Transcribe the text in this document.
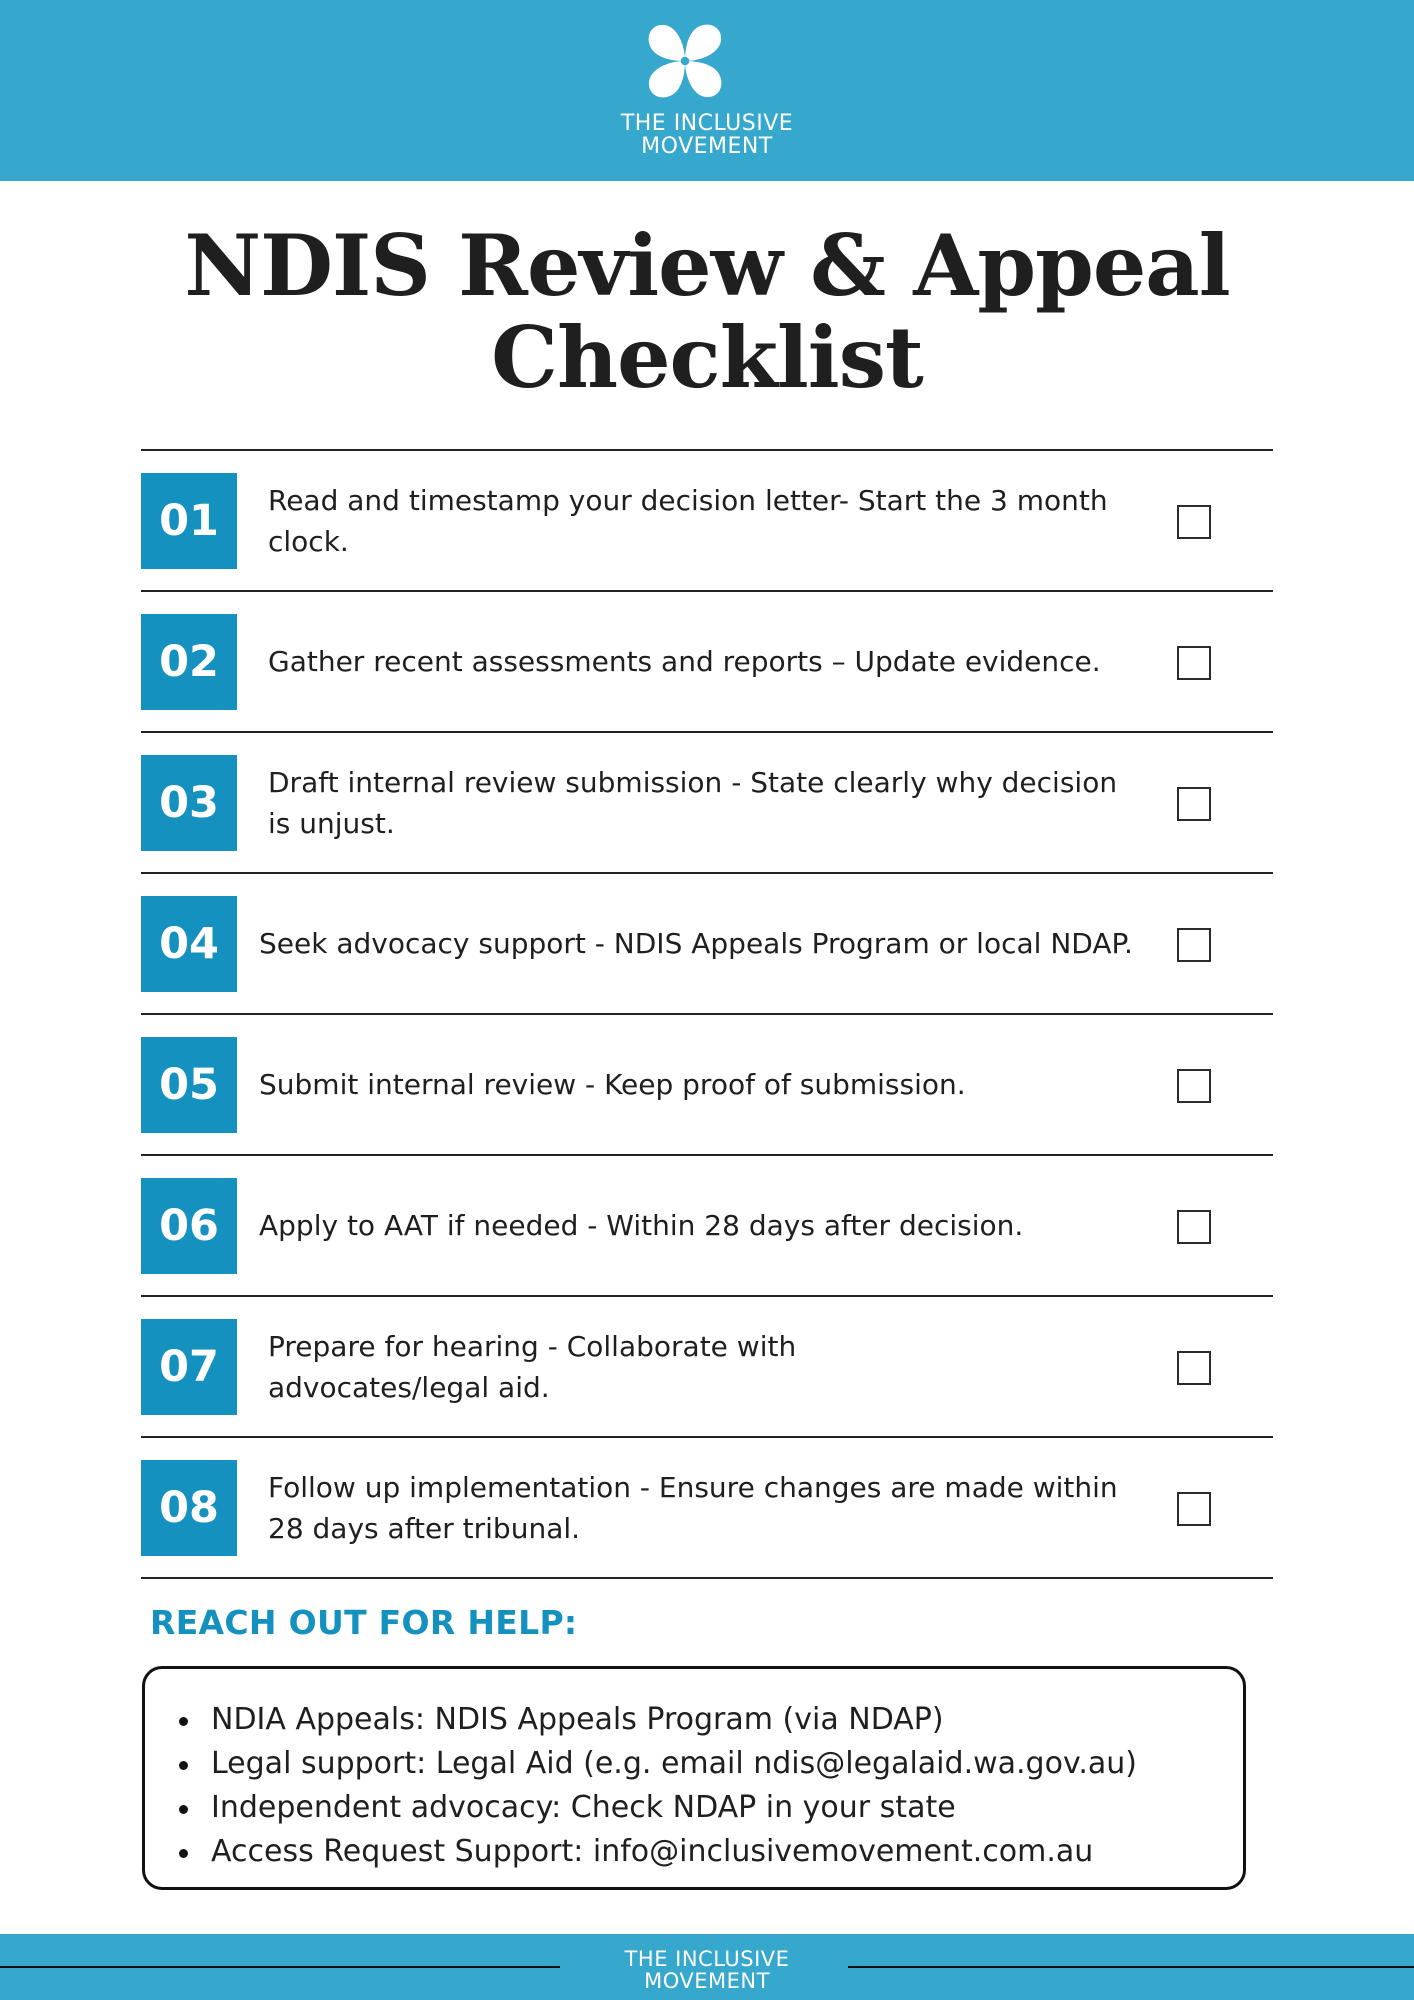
THE INCLUSIVE
MOVEMENT
NDIS Review & Appeal
Checklist
01	Read and timestamp your decision letter- Start the 3 month clock.
02	Gather recent assessments and reports – Update evidence.
03	Draft internal review submission - State clearly why decision is unjust.
04	Seek advocacy support - NDIS Appeals Program or local NDAP.
05	Submit internal review - Keep proof of submission.
06	Apply to AAT if needed - Within 28 days after decision.
07	Prepare for hearing - Collaborate with advocates/legal aid.
08	Follow up implementation - Ensure changes are made within 28 days after tribunal.
REACH OUT FOR HELP:
NDIA Appeals: NDIS Appeals Program (via NDAP)
Legal support: Legal Aid (e.g. email ndis@legalaid.wa.gov.au)
Independent advocacy: Check NDAP in your state
Access Request Support: info@inclusivemovement.com.au
THE INCLUSIVE
MOVEMENT
